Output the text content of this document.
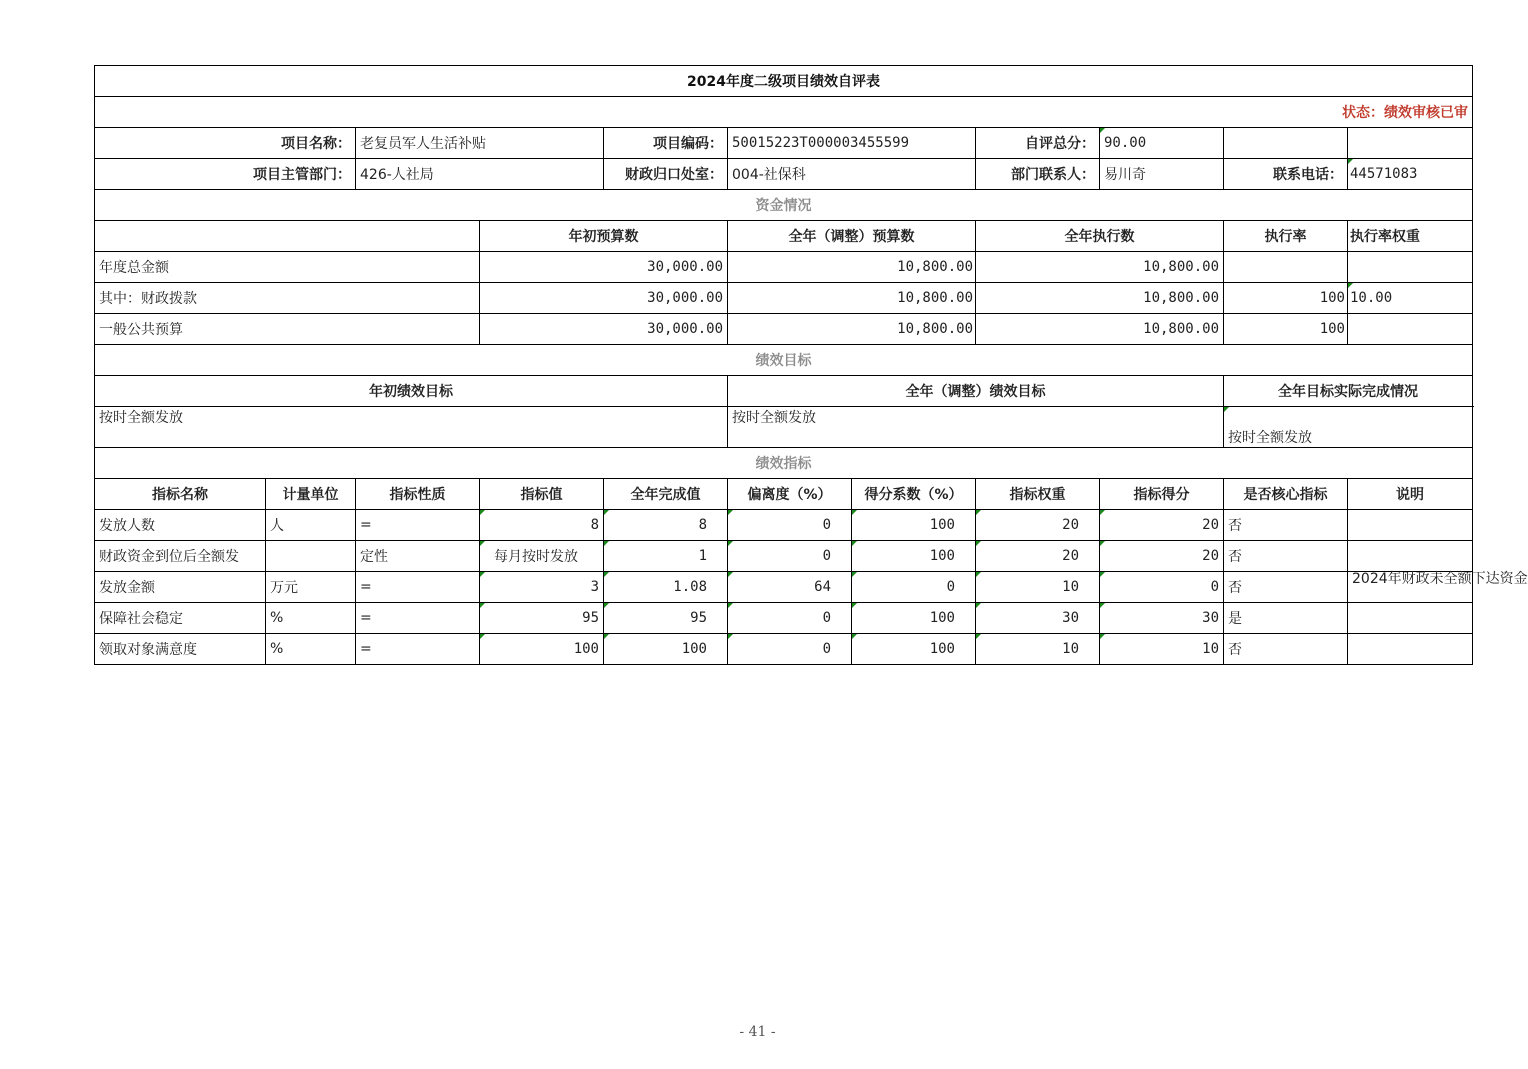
2024年度二级项目绩效自评表											
状态：绩效审核已审											
项目名称：		老复员军人生活补贴		项目编码：	50015223T000003455599		自评总分：	90.00			
项目主管部门：		426-人社局		财政归口处室：	004-社保科		部门联系人：	易川奇	联系电话：	44571083	
资金情况											
			年初预算数		全年（调整）预算数		全年执行数		执行率	执行率权重	
年度总金额			30,000.00		10,800.00		10,800.00				
其中：财政拨款			30,000.00		10,800.00		10,800.00		100	10.00	
一般公共预算			30,000.00		10,800.00		10,800.00		100		
绩效目标											
年初绩效目标					全年（调整）绩效目标				全年目标实际完成情况		
按时全额发放					按时全额发放				按时全额发放		
绩效指标											
指标名称	计量单位	指标性质	指标值	全年完成值	偏离度（%）	得分系数（%）	指标权重	指标得分	是否核心指标	说明	
发放人数	人	=	8	8	0	100	20	20	否		
财政资金到位后全额发		定性	每月按时发放	1	0	100	20	20	否		
发放金额	万元	=	3	1.08	64	0	10	0	否	2024年财政未全额下达资金	
保障社会稳定	%	=	95	95	0	100	30	30	是		
领取对象满意度	%	=	100	100	0	100	10	10	否		
- 41 -
